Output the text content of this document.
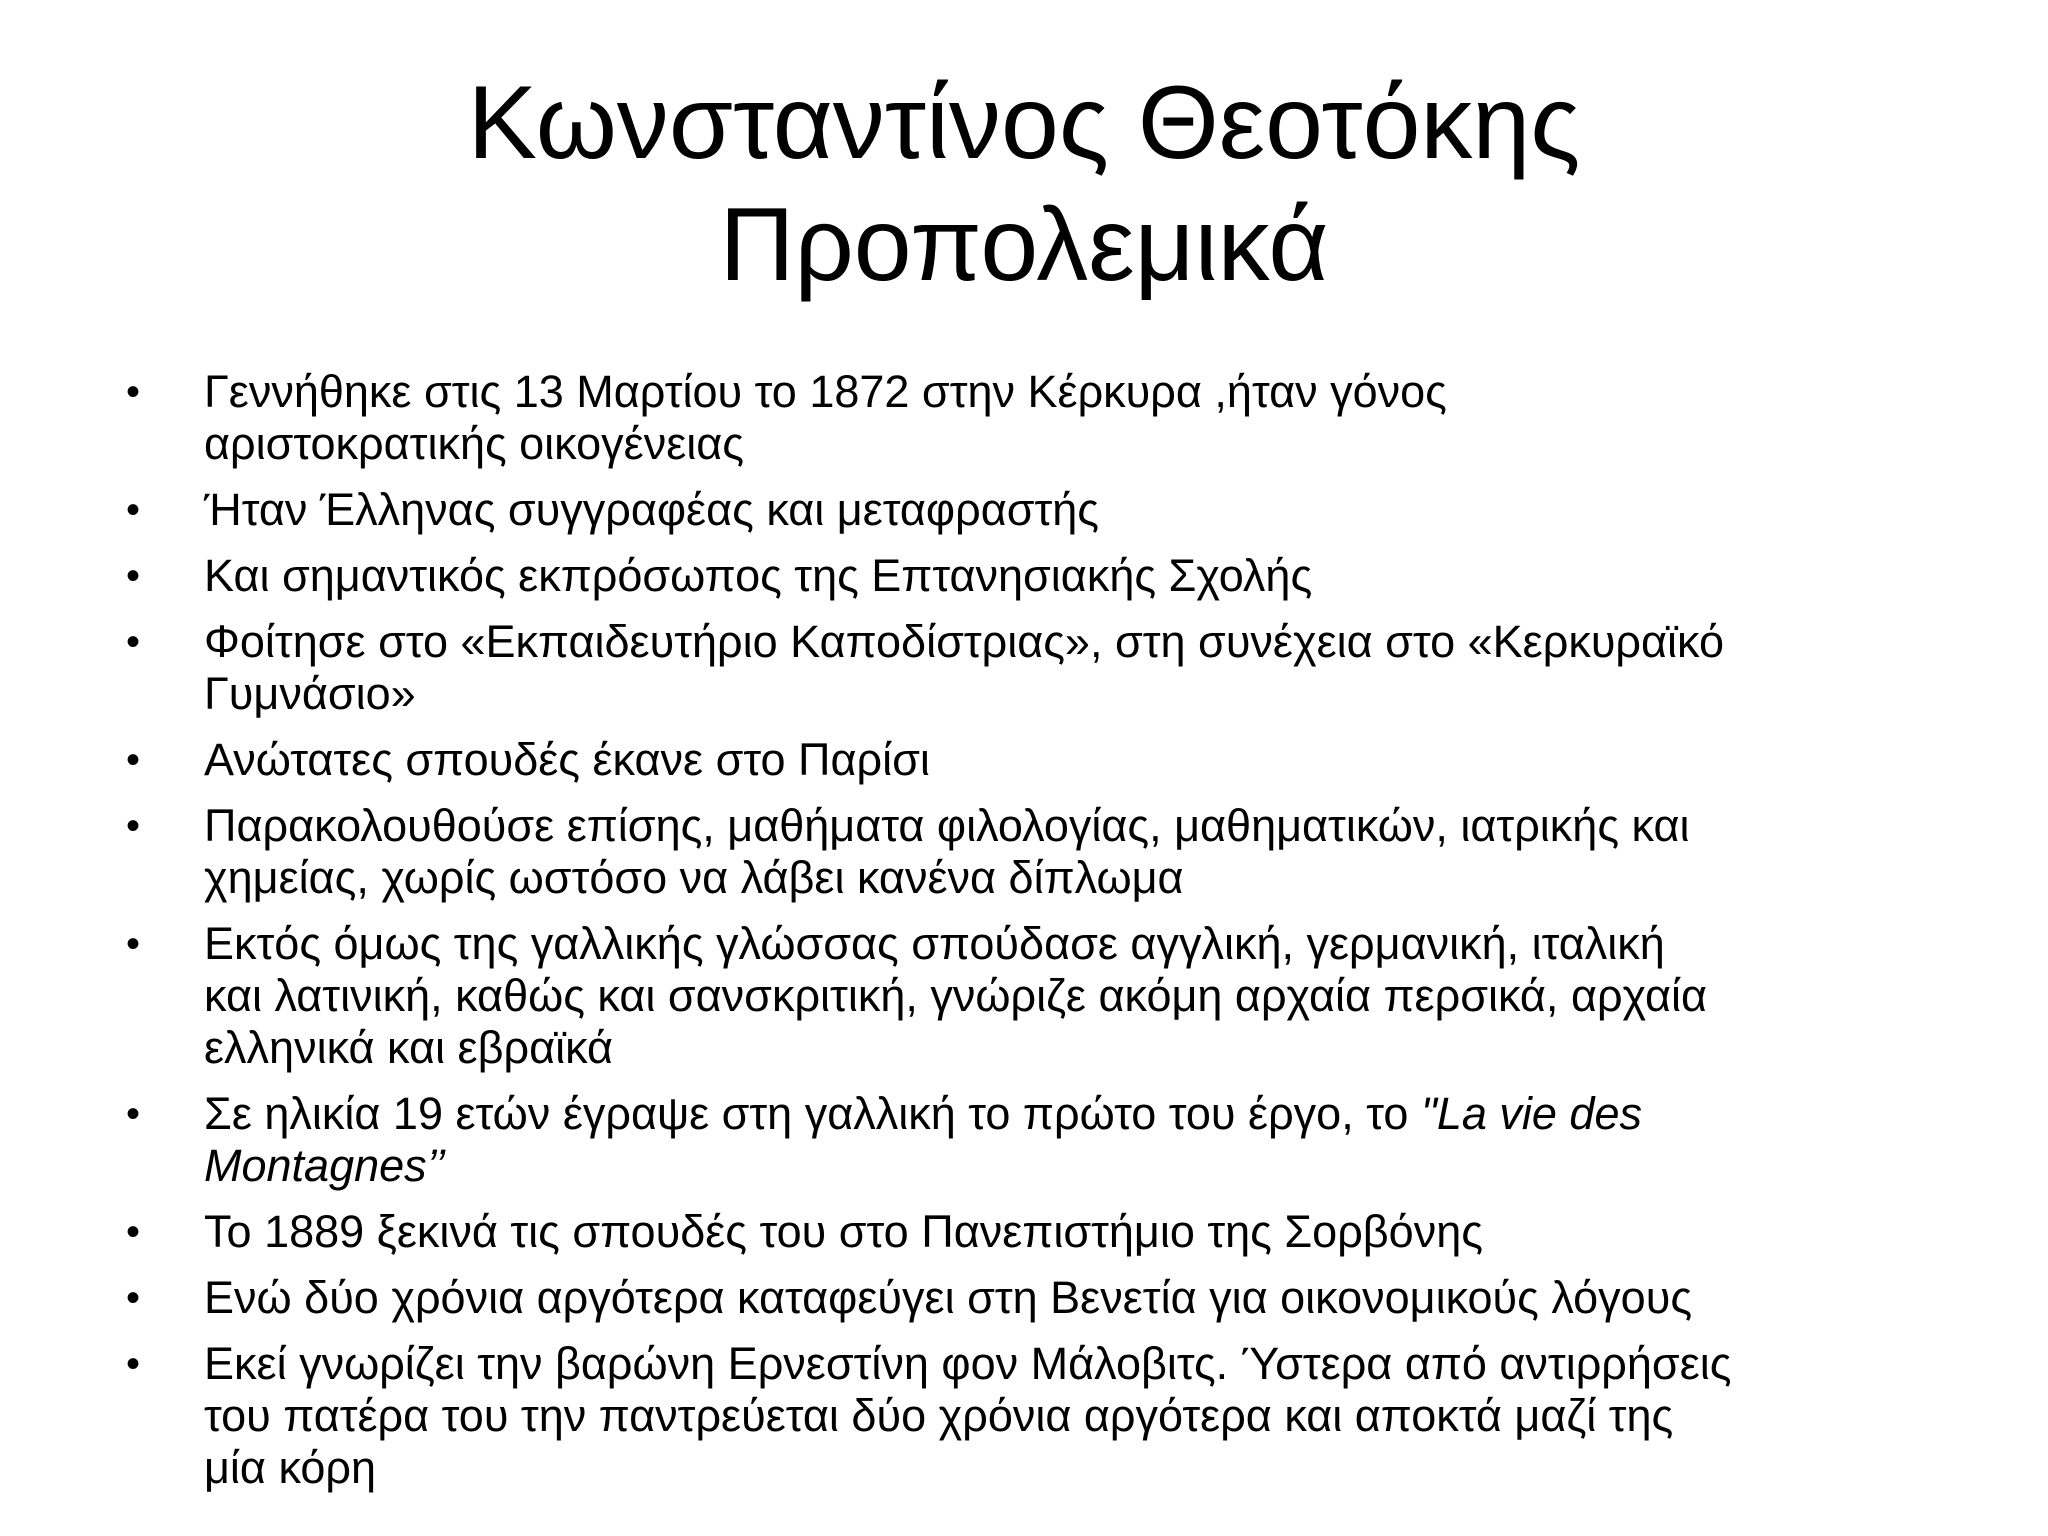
Κωνσταντίνος Θεοτόκης
Προπολεμικά
• Γεννήθηκε στις 13 Μαρτίου το 1872 στην Κέρκυρα ,ήταν γόνος
αριστοκρατικής οικογένειας
• Ήταν Έλληνας συγγραφέας και μεταφραστής
• Και σημαντικός εκπρόσωπος της Επτανησιακής Σχολής
• Φοίτησε στο «Εκπαιδευτήριο Καποδίστριας», στη συνέχεια στο «Κερκυραϊκό
Γυμνάσιο»
• Ανώτατες σπουδές έκανε στο Παρίσι
• Παρακολουθούσε επίσης, μαθήματα φιλολογίας, μαθηματικών, ιατρικής και
χημείας, χωρίς ωστόσο να λάβει κανένα δίπλωμα
• Εκτός όμως της γαλλικής γλώσσας σπούδασε αγγλική, γερμανική, ιταλική
και λατινική, καθώς και σανσκριτική, γνώριζε ακόμη αρχαία περσικά, αρχαία
ελληνικά και εβραϊκά
• Σε ηλικία 19 ετών έγραψε στη γαλλική το πρώτο του έργο, το "La vie des
Montagnes’’
• Το 1889 ξεκινά τις σπουδές του στο Πανεπιστήμιο της Σορβόνης
• Ενώ δύο χρόνια αργότερα καταφεύγει στη Βενετία για οικονομικούς λόγους
• Εκεί γνωρίζει την βαρώνη Ερνεστίνη φον Μάλοβιτς. Ύστερα από αντιρρήσεις
του πατέρα του την παντρεύεται δύο χρόνια αργότερα και αποκτά μαζί της
μία κόρη
